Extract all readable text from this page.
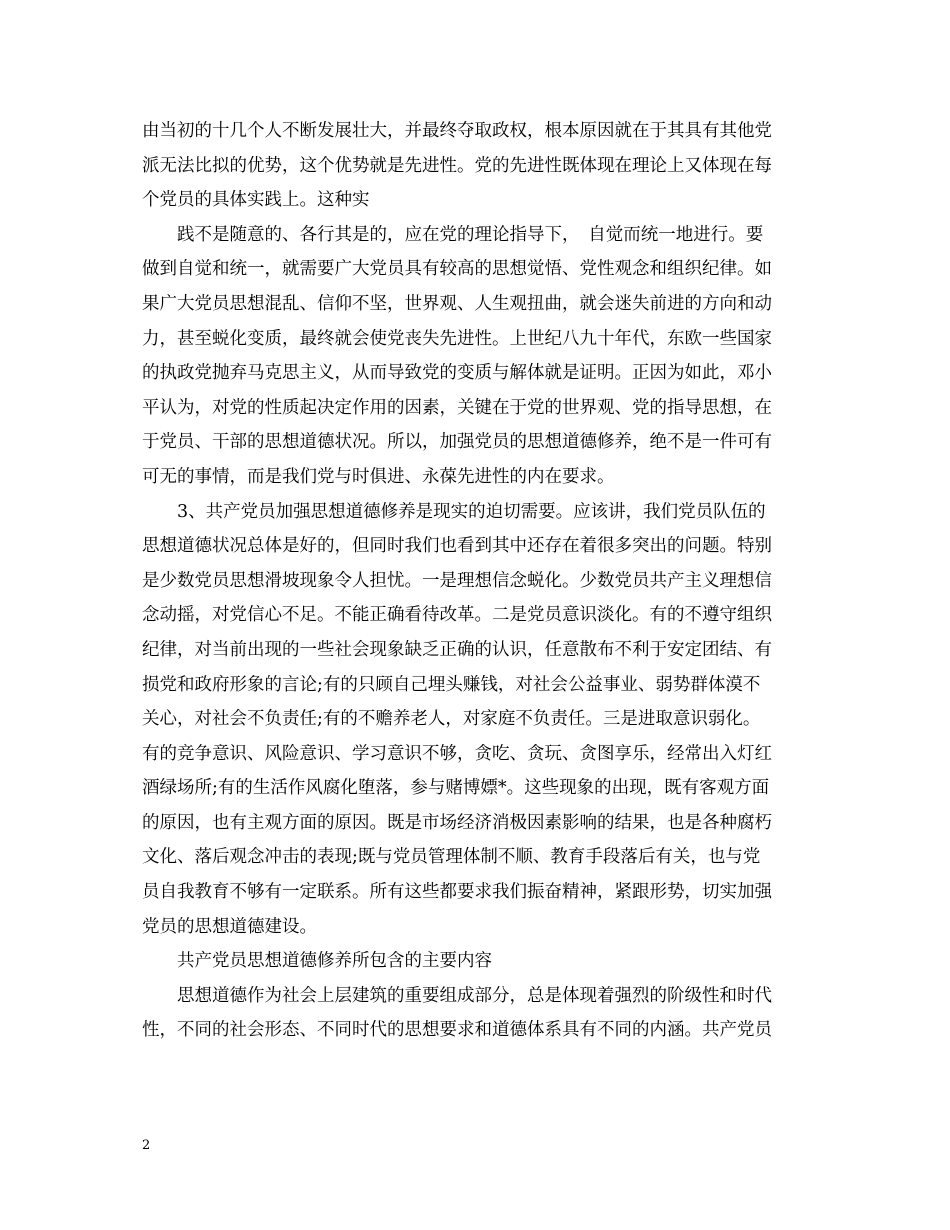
由当初的十几个人不断发展壮大，并最终夺取政权，根本原因就在于其具有其他党
派无法比拟的优势，这个优势就是先进性。党的先进性既体现在理论上又体现在每
个党员的具体实践上。这种实
践不是随意的、各行其是的，应在党的理论指导下，　自觉而统一地进行。要
做到自觉和统一，就需要广大党员具有较高的思想觉悟、党性观念和组织纪律。如
果广大党员思想混乱、信仰不坚，世界观、人生观扭曲，就会迷失前进的方向和动
力，甚至蜕化变质，最终就会使党丧失先进性。上世纪八九十年代，东欧一些国家
的执政党抛弃马克思主义，从而导致党的变质与解体就是证明。正因为如此，邓小
平认为，对党的性质起决定作用的因素，关键在于党的世界观、党的指导思想，在
于党员、干部的思想道德状况。所以，加强党员的思想道德修养，绝不是一件可有
可无的事情，而是我们党与时俱进、永葆先进性的内在要求。
3、共产党员加强思想道德修养是现实的迫切需要。应该讲，我们党员队伍的
思想道德状况总体是好的，但同时我们也看到其中还存在着很多突出的问题。特别
是少数党员思想滑坡现象令人担忧。一是理想信念蜕化。少数党员共产主义理想信
念动摇，对党信心不足。不能正确看待改革。二是党员意识淡化。有的不遵守组织
纪律，对当前出现的一些社会现象缺乏正确的认识，任意散布不利于安定团结、有
损党和政府形象的言论;有的只顾自己埋头赚钱，对社会公益事业、弱势群体漠不
关心，对社会不负责任;有的不赡养老人，对家庭不负责任。三是进取意识弱化。
有的竞争意识、风险意识、学习意识不够，贪吃、贪玩、贪图享乐，经常出入灯红
酒绿场所;有的生活作风腐化堕落，参与赌博嫖*。这些现象的出现，既有客观方面
的原因，也有主观方面的原因。既是市场经济消极因素影响的结果，也是各种腐朽
文化、落后观念冲击的表现;既与党员管理体制不顺、教育手段落后有关，也与党
员自我教育不够有一定联系。所有这些都要求我们振奋精神，紧跟形势，切实加强
党员的思想道德建设。
共产党员思想道德修养所包含的主要内容
思想道德作为社会上层建筑的重要组成部分，总是体现着强烈的阶级性和时代
性，不同的社会形态、不同时代的思想要求和道德体系具有不同的内涵。共产党员
2
